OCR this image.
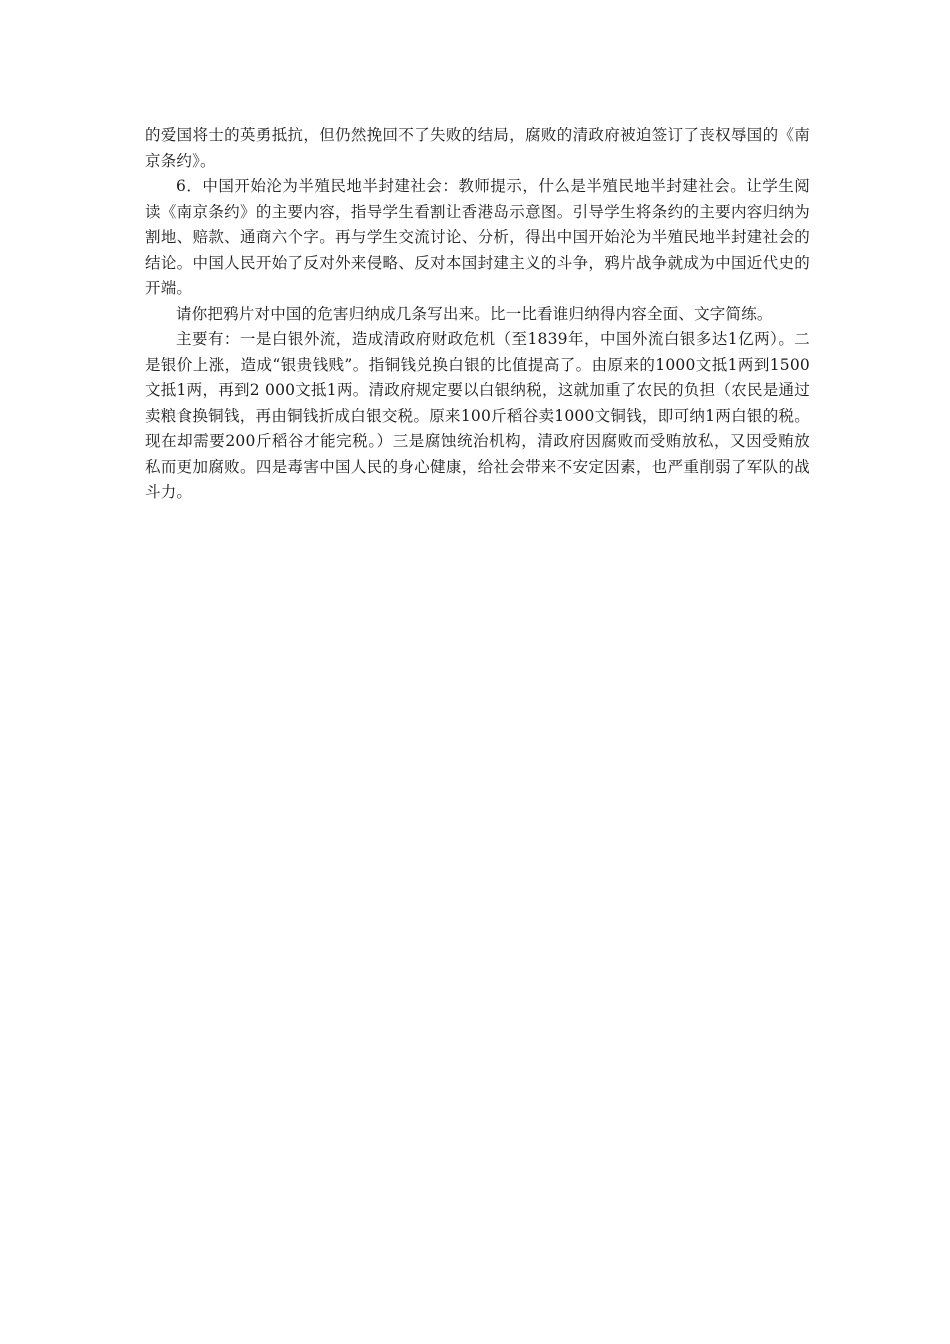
的爱国将士的英勇抵抗，但仍然挽回不了失败的结局，腐败的清政府被迫签订了丧权辱国的《南京条约》。

6．中国开始沦为半殖民地半封建社会：教师提示，什么是半殖民地半封建社会。让学生阅读《南京条约》的主要内容，指导学生看割让香港岛示意图。引导学生将条约的主要内容归纳为割地、赔款、通商六个字。再与学生交流讨论、分析，得出中国开始沦为半殖民地半封建社会的结论。中国人民开始了反对外来侵略、反对本国封建主义的斗争，鸦片战争就成为中国近代史的开端。

请你把鸦片对中国的危害归纳成几条写出来。比一比看谁归纳得内容全面、文字简练。

主要有：一是白银外流，造成清政府财政危机（至1839年，中国外流白银多达1亿两）。二是银价上涨，造成“银贵钱贱”。指铜钱兑换白银的比值提高了。由原来的1000文抵1两到1500文抵1两，再到2 000文抵1两。清政府规定要以白银纳税，这就加重了农民的负担（农民是通过卖粮食换铜钱，再由铜钱折成白银交税。原来100斤稻谷卖1000文铜钱，即可纳1两白银的税。现在却需要200斤稻谷才能完税。）三是腐蚀统治机构，清政府因腐败而受贿放私，又因受贿放私而更加腐败。四是毒害中国人民的身心健康，给社会带来不安定因素，也严重削弱了军队的战斗力。
